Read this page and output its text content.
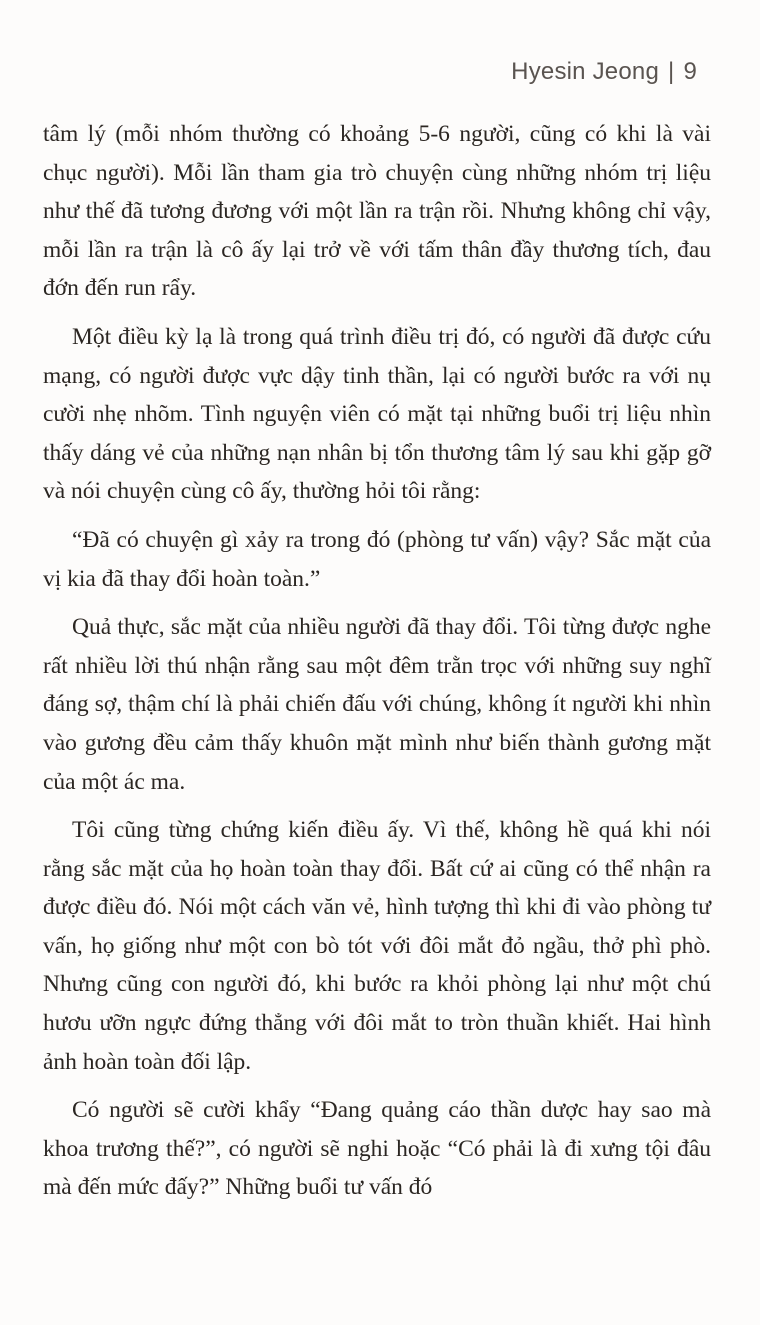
Hyesin Jeong | 9

tâm lý (mỗi nhóm thường có khoảng 5-6 người, cũng có khi là vài chục người). Mỗi lần tham gia trò chuyện cùng những nhóm trị liệu như thế đã tương đương với một lần ra trận rồi. Nhưng không chỉ vậy, mỗi lần ra trận là cô ấy lại trở về với tấm thân đầy thương tích, đau đớn đến run rẩy.

Một điều kỳ lạ là trong quá trình điều trị đó, có người đã được cứu mạng, có người được vực dậy tinh thần, lại có người bước ra với nụ cười nhẹ nhõm. Tình nguyện viên có mặt tại những buổi trị liệu nhìn thấy dáng vẻ của những nạn nhân bị tổn thương tâm lý sau khi gặp gỡ và nói chuyện cùng cô ấy, thường hỏi tôi rằng:

“Đã có chuyện gì xảy ra trong đó (phòng tư vấn) vậy? Sắc mặt của vị kia đã thay đổi hoàn toàn.”

Quả thực, sắc mặt của nhiều người đã thay đổi. Tôi từng được nghe rất nhiều lời thú nhận rằng sau một đêm trằn trọc với những suy nghĩ đáng sợ, thậm chí là phải chiến đấu với chúng, không ít người khi nhìn vào gương đều cảm thấy khuôn mặt mình như biến thành gương mặt của một ác ma.

Tôi cũng từng chứng kiến điều ấy. Vì thế, không hề quá khi nói rằng sắc mặt của họ hoàn toàn thay đổi. Bất cứ ai cũng có thể nhận ra được điều đó. Nói một cách văn vẻ, hình tượng thì khi đi vào phòng tư vấn, họ giống như một con bò tót với đôi mắt đỏ ngầu, thở phì phò. Nhưng cũng con người đó, khi bước ra khỏi phòng lại như một chú hươu ưỡn ngực đứng thẳng với đôi mắt to tròn thuần khiết. Hai hình ảnh hoàn toàn đối lập.

Có người sẽ cười khẩy “Đang quảng cáo thần dược hay sao mà khoa trương thế?”, có người sẽ nghi hoặc “Có phải là đi xưng tội đâu mà đến mức đấy?” Những buổi tư vấn đó
